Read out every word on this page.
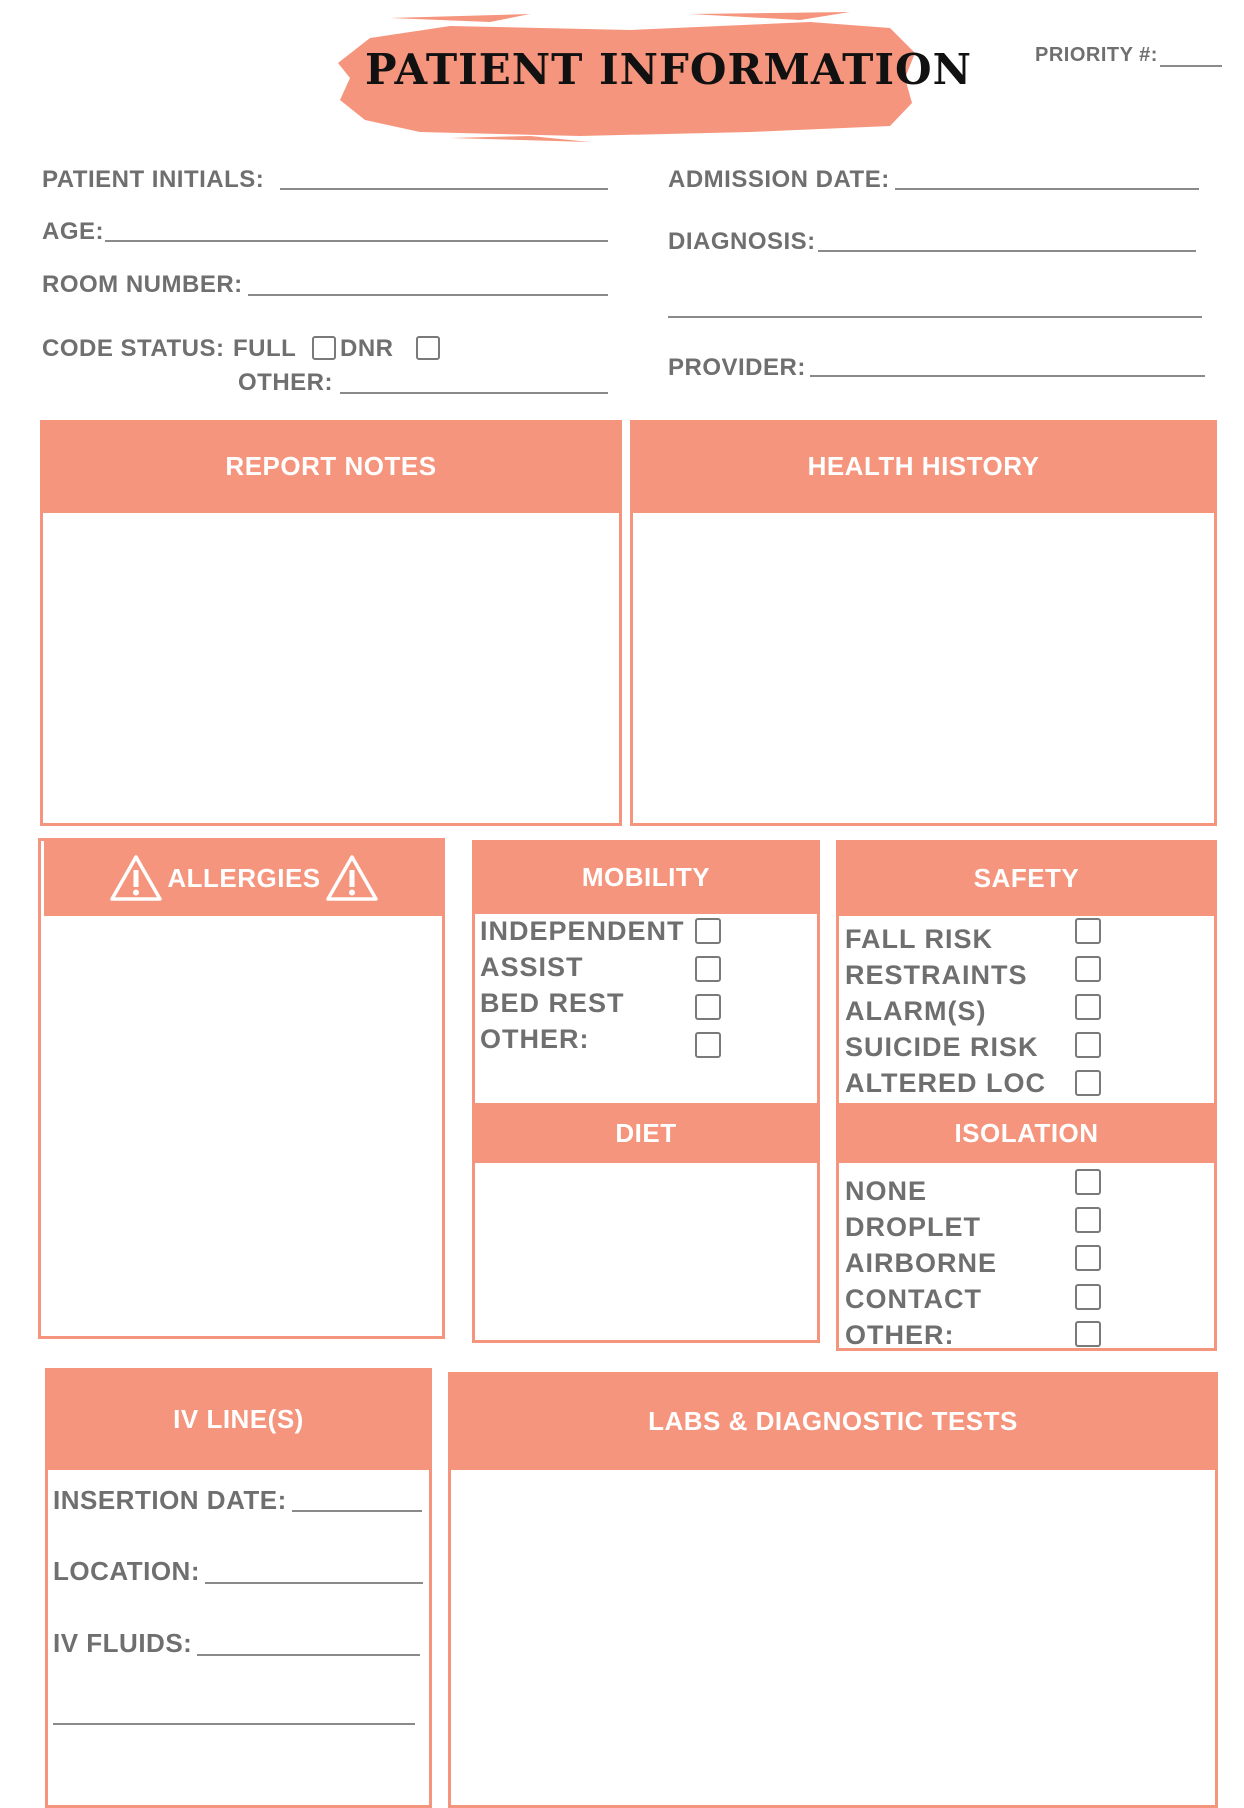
PATIENT INFORMATION	PRIORITY #:
PATIENT INITIALS:
AGE:
ROOM NUMBER:
CODE STATUS: FULL DNR
OTHER:
ADMISSION DATE:
DIAGNOSIS:
PROVIDER:
REPORT NOTES	HEALTH HISTORY
ALLERGIES	MOBILITY
INDEPENDENT
ASSIST
BED REST
OTHER:
DIET
SAFETY
FALL RISK
RESTRAINTS
ALARM(S)
SUICIDE RISK
ALTERED LOC
ISOLATION
NONE
DROPLET
AIRBORNE
CONTACT
OTHER:
IV LINE(S)
INSERTION DATE:
LOCATION:
IV FLUIDS:
LABS & DIAGNOSTIC TESTS
